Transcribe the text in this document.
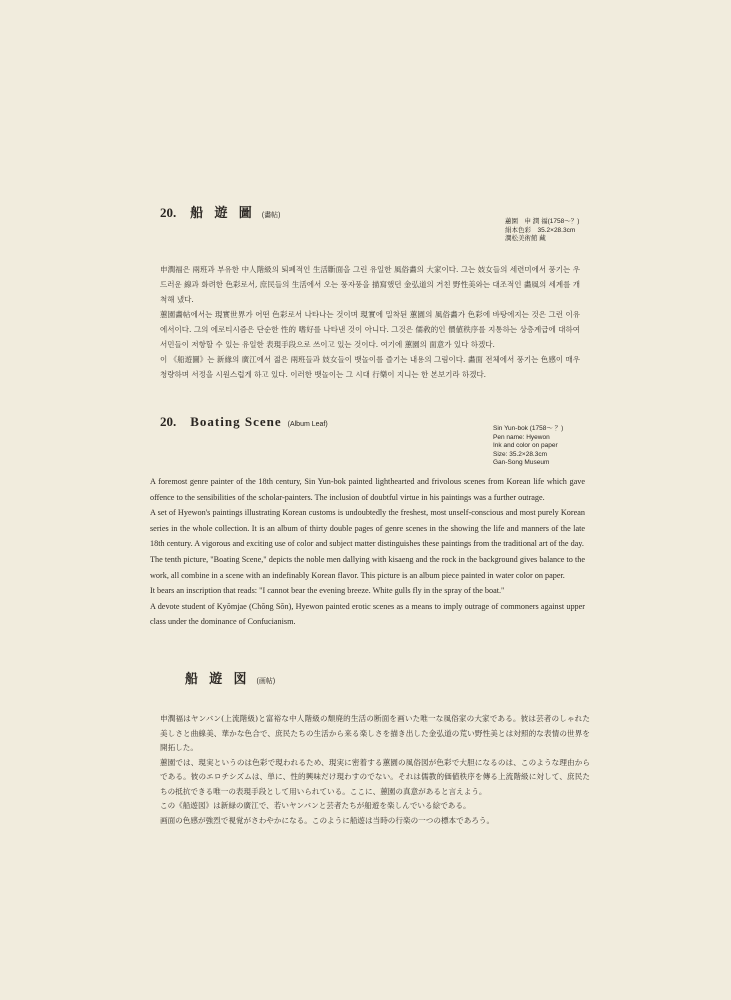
20. 船 遊 圖 (畵帖)
蕙園　申 潤 福(1758～？)
絹本色彩　35.2×28.3cm
澗松美術館 藏

申潤福은 兩班과 부유한 中人階級의 퇴폐적인 生活斷面을 그린 유일한 風俗畵의 大家이다. 그는 妓女들의 세련미에서 풍기는 우드러운 線과 화려한 色彩로서, 庶民들의 生活에서 오는 풍자풍을 描寫했던 金弘道의 거친 野性美와는 대조적인 畵風의 세계를 개척해 냈다.

蕙園畵帖에서는 現實世界가 어떤 色彩로서 나타나는 것이며 現實에 밀착된 蕙園의 風俗畵가 色彩에 바탕에지는 것은 그런 이유에서이다. 그의 에로티시즘은 단순한 性的 嗜好를 나타낸 것이 아니다. 그것은 儒敎的인 價値秩序를 지통하는 상층계급에 대하여 서민들이 저항할 수 있는 유일한 表現手段으로 쓰이고 있는 것이다. 여기에 蕙園의 面意가 있다 하겠다.

이 《船遊圖》는 新緣의 廣江에서 젊은 兩班들과 妓女들이 뱃놀이를 즐기는 내용의 그림이다. 畵面 전체에서 풍기는 色感이 매우 청량하며 서정을 시원스럽게 하고 있다. 이러한 뱃놀이는 그 시대 行樂이 지니는 한 본보기라 하겠다.

20. Boating Scene (Album Leaf)
Sin Yun-bok (1758～ ？)
Pen name: Hyewon
Ink and color on paper
Size: 35.2×28.3cm
Gan-Song Museum

A foremost genre painter of the 18th century, Sin Yun-bok painted lighthearted and frivolous scenes from Korean life which gave offence to the sensibilities of the scholar-painters. The inclusion of doubtful virtue in his paintings was a further outrage.

A set of Hyewon's paintings illustrating Korean customs is undoubtedly the freshest, most unself-conscious and most purely Korean series in the whole collection. It is an album of thirty double pages of genre scenes in the showing the life and manners of the late 18th century. A vigorous and exciting use of color and subject matter distinguishes these paintings from the traditional art of the day.

The tenth picture, "Boating Scene," depicts the noble men dallying with kisaeng and the rock in the background gives balance to the work, all combine in a scene with an indefinably Korean flavor. This picture is an album piece painted in water color on paper.

It bears an inscription that reads: "I cannot bear the evening breeze. White gulls fly in the spray of the boat."

A devote student of Kyŏmjae (Chŏng Sŏn), Hyewon painted erotic scenes as a means to imply outrage of commoners against upper class under the dominance of Confucianism.

船 遊 図 (画帖)

申潤福はヤンバン(上流階級)と富裕な中人階級の頽廃的生活の断面を画いた唯一な風俗家の大家である。彼は芸者のしゃれた美しさと曲線美、華かな色合で、庶民たちの生活から来る楽しさを描き出した金弘道の荒い野性美とは対照的な表情の世界を開拓した。

蕙園では、現実というのは色彩で現われるため、現実に密着する蕙園の風俗図が色彩で大胆になるのは、このような理由からである。彼のエロチシズムは、単に、性的興味だけ現わすのでない。それは儒教的価値秩序を傳る上流階級に対して、庶民たちの抵抗できる唯一の表現手段として用いられている。ここに、蕙園の真意があると言えよう。

この《船遊図》は新緑の廣江で、若いヤンバンと芸者たちが船遊を楽しんでいる絵である。

画面の色感が強烈で視覚がさわやかになる。このように船遊は当時の行楽の一つの標本であろう。
